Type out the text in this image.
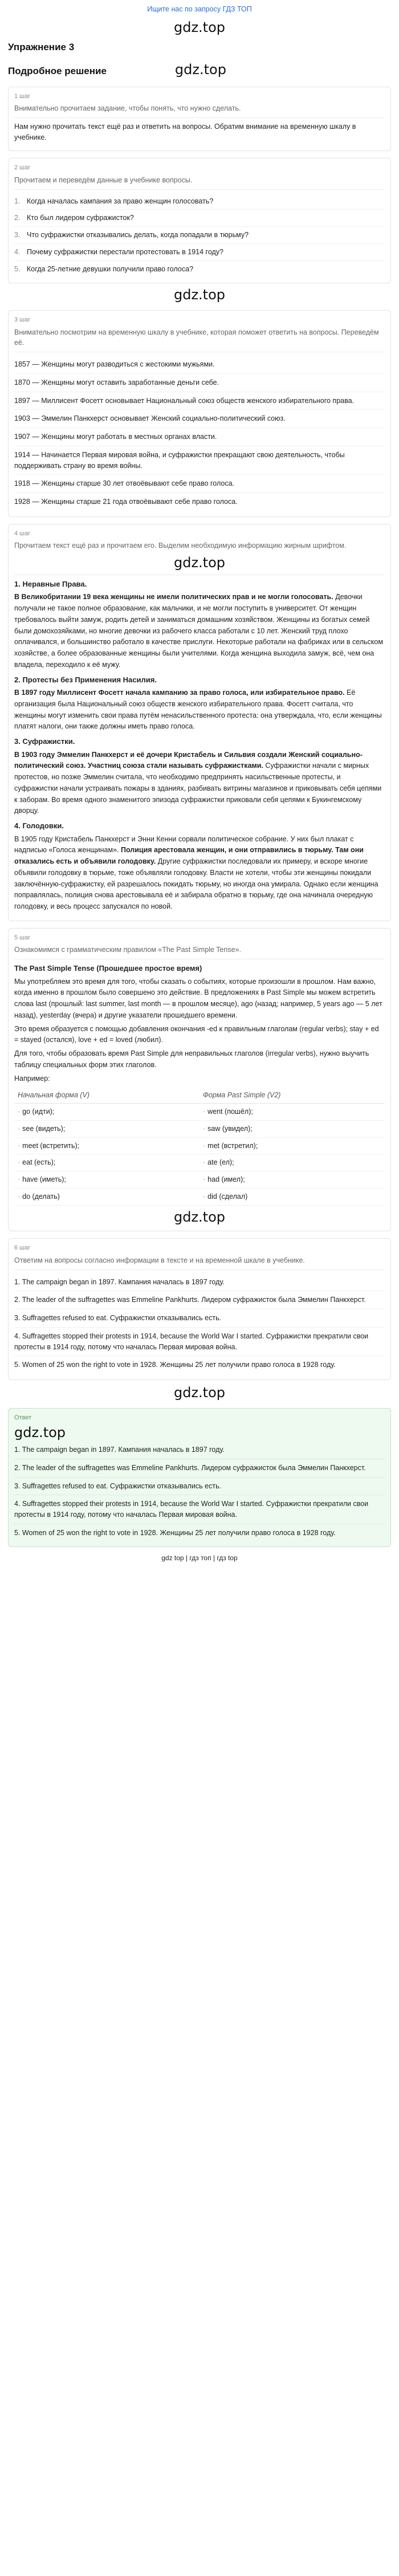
Ищите нас по запросу ГДЗ ТОП
gdz.top
Упражнение 3
Подробное решение	gdz.top
1 шаг
Внимательно прочитаем задание, чтобы понять, что нужно сделать.
Нам нужно прочитать текст ещё раз и ответить на вопросы. Обратим внимание на временную шкалу в учебнике.
2 шаг
Прочитаем и переведём данные в учебнике вопросы.
1. Когда началась кампания за право женщин голосовать?
2. Кто был лидером суфражисток?
3. Что суфражистки отказывались делать, когда попадали в тюрьму?
4. Почему суфражистки перестали протестовать в 1914 году?
5. Когда 25-летние девушки получили право голоса?
gdz.top
3 шаг
Внимательно посмотрим на временную шкалу в учебнике, которая поможет ответить на вопросы. Переведём её.
1857 — Женщины могут разводиться с жестокими мужьями.
1870 — Женщины могут оставить заработанные деньги себе.
1897 — Миллисент Фосетт основывает Национальный союз обществ женского избирательного права.
1903 — Эммелин Панкхерст основывает Женский социально-политический союз.
1907 — Женщины могут работать в местных органах власти.
1914 — Начинается Первая мировая война, и суфражистки прекращают свою деятельность, чтобы поддерживать страну во время войны.
1918 — Женщины старше 30 лет отвоёвывают себе право голоса.
1928 — Женщины старше 21 года отвоёвывают себе право голоса.
4 шаг
Прочитаем текст ещё раз и прочитаем его. Выделим необходимую информацию жирным шрифтом.
gdz.top
1. Неравные Права.
В Великобритании 19 века женщины не имели политических прав и не могли голосовать. Девочки получали не такое полное образование, как мальчики, и не могли поступить в университет. От женщин требовалось выйти замуж, родить детей и заниматься домашним хозяйством. Женщины из богатых семей были домохозяйками, но многие девочки из рабочего класса работали с 10 лет. Женский труд плохо оплачивался, и большинство работало в качестве прислуги. Некоторые работали на фабриках или в сельском хозяйстве, а более образованные женщины были учителями. Когда женщина выходила замуж, всё, чем она владела, переходило к её мужу.
2. Протесты без Применения Насилия.
В 1897 году Миллисент Фосетт начала кампанию за право голоса, или избирательное право. Её организация была Национальный союз обществ женского избирательного права. Фосетт считала, что женщины могут изменить свои права путём ненасильственного протеста: она утверждала, что, если женщины платят налоги, они также должны иметь право голоса.
3. Суфражистки.
В 1903 году Эммелин Панкхерст и её дочери Кристабель и Сильвия создали Женский социально-политический союз. Участниц союза стали называть суфражистками. Суфражистки начали с мирных протестов, но позже Эммелин считала, что необходимо предпринять насильственные протесты, и суфражистки начали устраивать пожары в зданиях, разбивать витрины магазинов и приковывать себя цепями к заборам. Во время одного знаменитого эпизода суфражистки приковали себя цепями к Букингемскому дворцу.
4. Голодовки.
В 1905 году Кристабель Панкхерст и Энни Кенни сорвали политическое собрание. У них был плакат с надписью «Голоса женщинам». Полиция арестовала женщин, и они отправились в тюрьму. Там они отказались есть и объявили голодовку. Другие суфражистки последовали их примеру, и вскоре многие объявили голодовку в тюрьме, тоже объявляли голодовку. Власти не хотели, чтобы эти женщины покидали заключённую-суфражистку, ей разрешалось покидать тюрьму, но иногда она умирала. Однако если женщина поправлялась, полиция снова арестовывала её и забирала обратно в тюрьму, где она начинала очередную голодовку, и весь процесс запускался по новой.
5 шаг
Ознакомимся с грамматическим правилом «The Past Simple Tense».
The Past Simple Tense (Прошедшее простое время)
Мы употребляем это время для того, чтобы сказать о событиях, которые произошли в прошлом. Нам важно, когда именно в прошлом было совершено это действие. В предложениях в Past Simple мы можем встретить слова last (прошлый: last summer, last month — в прошлом месяце), ago (назад; например, 5 years ago — 5 лет назад), yesterday (вчера) и другие указатели прошедшего времени.
Это время образуется с помощью добавления окончания -ed к правильным глаголам (regular verbs); stay + ed = stayed (остался), love + ed = loved (любил).
Для того, чтобы образовать время Past Simple для неправильных глаголов (irregular verbs), нужно выучить таблицу специальных форм этих глаголов.
Например:
Начальная форма (V)	Форма Past Simple (V2)
· go (идти);	· went (пошёл);
· see (видеть);	· saw (увидел);
· meet (встретить);	· met (встретил);
· eat (есть);	· ate (ел);
· have (иметь);	· had (имел);
· do (делать)	· did (сделал)
gdz.top
6 шаг
Ответим на вопросы согласно информации в тексте и на временной шкале в учебнике.
1. The campaign began in 1897. Кампания началась в 1897 году.
2. The leader of the suffragettes was Emmeline Pankhurts. Лидером суфражисток была Эммелин Панкхерст.
3. Suffragettes refused to eat. Суфражистки отказывались есть.
4. Suffragettes stopped their protests in 1914, because the World War I started. Суфражистки прекратили свои протесты в 1914 году, потому что началась Первая мировая война.
5. Women of 25 won the right to vote in 1928. Женщины 25 лет получили право голоса в 1928 году.
gdz.top
Ответ
gdz.top
1. The campaign began in 1897. Кампания началась в 1897 году.
2. The leader of the suffragettes was Emmeline Pankhurts. Лидером суфражисток была Эммелин Панкхерст.
3. Suffragettes refused to eat. Суфражистки отказывались есть.
4. Suffragettes stopped their protests in 1914, because the World War I started. Суфражистки прекратили свои протесты в 1914 году, потому что началась Первая мировая война.
5. Women of 25 won the right to vote in 1928. Женщины 25 лет получили право голоса в 1928 году.
gdz top | гдз топ | гдз top
